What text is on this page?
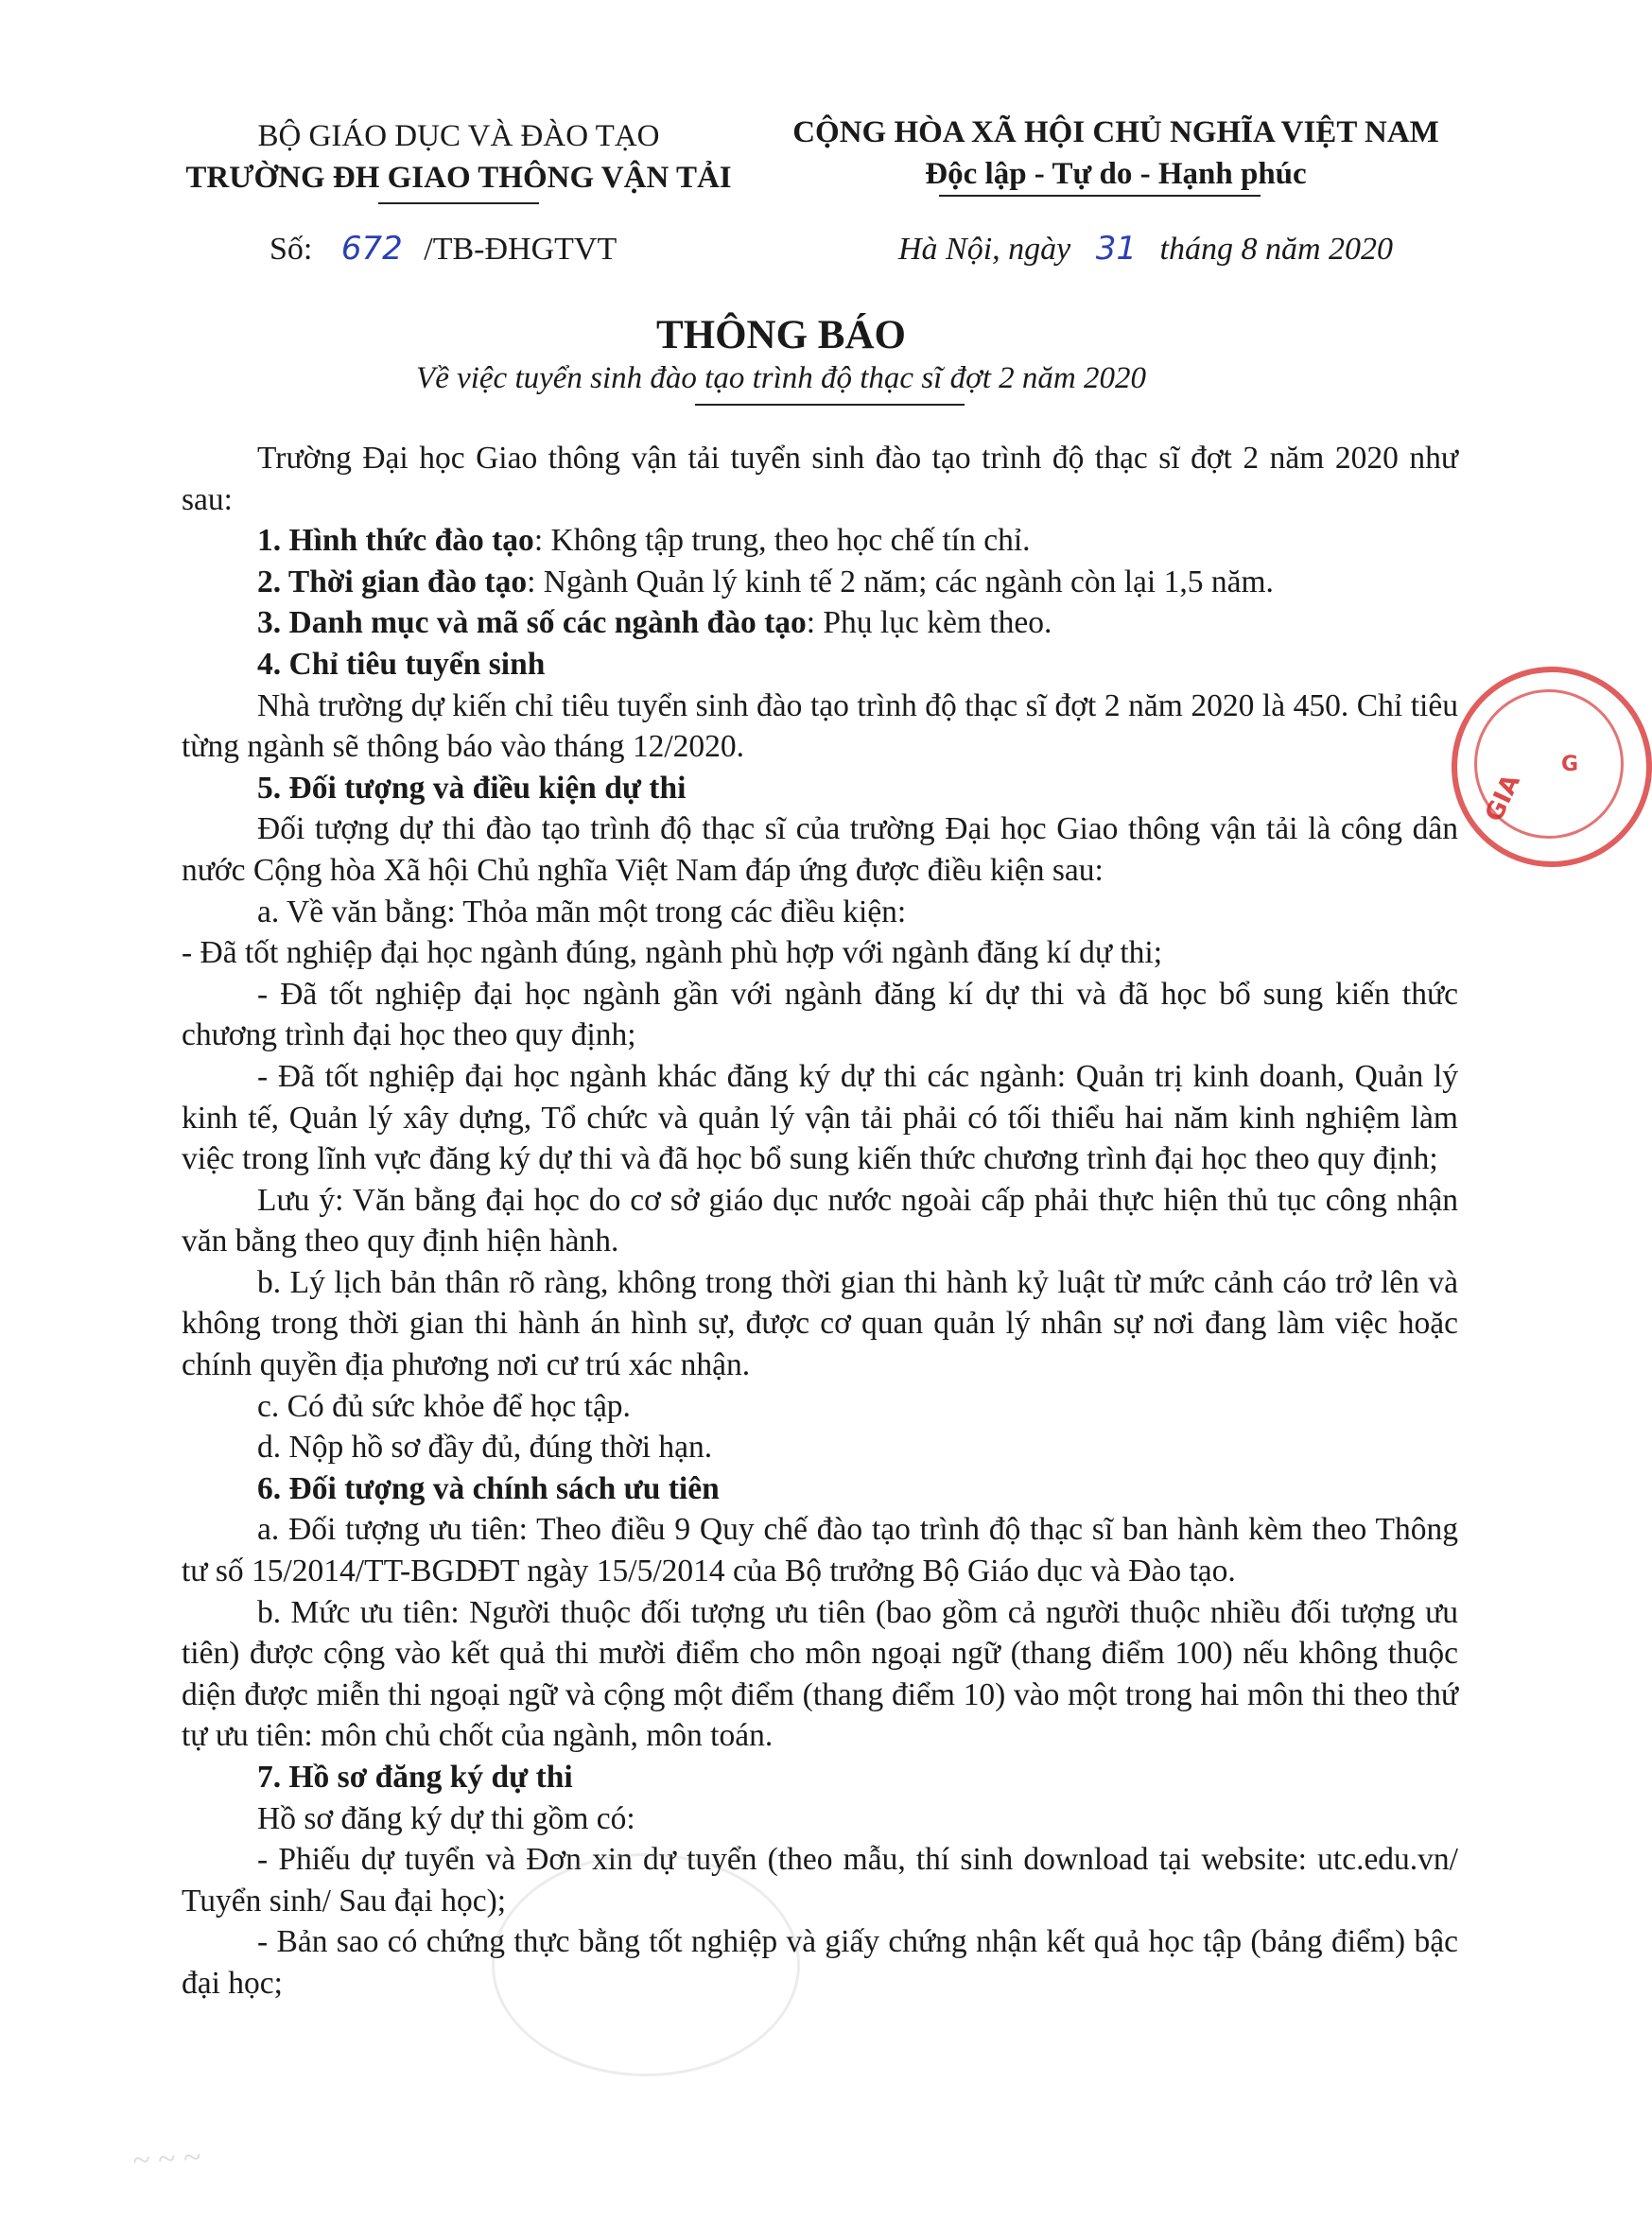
BỘ GIÁO DỤC VÀ ĐÀO TẠO
TRƯỜNG ĐH GIAO THÔNG VẬN TẢI
CỘNG HÒA XÃ HỘI CHỦ NGHĨA VIỆT NAM
Độc lập - Tự do - Hạnh phúc
Số: 672 /TB-ĐHGTVT	Hà Nội, ngày 31 tháng 8 năm 2020
THÔNG BÁO
Về việc tuyển sinh đào tạo trình độ thạc sĩ đợt 2 năm 2020

Trường Đại học Giao thông vận tải tuyển sinh đào tạo trình độ thạc sĩ đợt 2 năm 2020 như sau:

1. Hình thức đào tạo: Không tập trung, theo học chế tín chỉ.

2. Thời gian đào tạo: Ngành Quản lý kinh tế 2 năm; các ngành còn lại 1,5 năm.

3. Danh mục và mã số các ngành đào tạo: Phụ lục kèm theo.

4. Chỉ tiêu tuyển sinh

Nhà trường dự kiến chỉ tiêu tuyển sinh đào tạo trình độ thạc sĩ đợt 2 năm 2020 là 450. Chỉ tiêu từng ngành sẽ thông báo vào tháng 12/2020.

5. Đối tượng và điều kiện dự thi

Đối tượng dự thi đào tạo trình độ thạc sĩ của trường Đại học Giao thông vận tải là công dân nước Cộng hòa Xã hội Chủ nghĩa Việt Nam đáp ứng được điều kiện sau:

a. Về văn bằng: Thỏa mãn một trong các điều kiện:

- Đã tốt nghiệp đại học ngành đúng, ngành phù hợp với ngành đăng kí dự thi;

- Đã tốt nghiệp đại học ngành gần với ngành đăng kí dự thi và đã học bổ sung kiến thức chương trình đại học theo quy định;

- Đã tốt nghiệp đại học ngành khác đăng ký dự thi các ngành: Quản trị kinh doanh, Quản lý kinh tế, Quản lý xây dựng, Tổ chức và quản lý vận tải phải có tối thiểu hai năm kinh nghiệm làm việc trong lĩnh vực đăng ký dự thi và đã học bổ sung kiến thức chương trình đại học theo quy định;

Lưu ý: Văn bằng đại học do cơ sở giáo dục nước ngoài cấp phải thực hiện thủ tục công nhận văn bằng theo quy định hiện hành.

b. Lý lịch bản thân rõ ràng, không trong thời gian thi hành kỷ luật từ mức cảnh cáo trở lên và không trong thời gian thi hành án hình sự, được cơ quan quản lý nhân sự nơi đang làm việc hoặc chính quyền địa phương nơi cư trú xác nhận.

c. Có đủ sức khỏe để học tập.

d. Nộp hồ sơ đầy đủ, đúng thời hạn.

6. Đối tượng và chính sách ưu tiên

a. Đối tượng ưu tiên: Theo điều 9 Quy chế đào tạo trình độ thạc sĩ ban hành kèm theo Thông tư số 15/2014/TT-BGDĐT ngày 15/5/2014 của Bộ trưởng Bộ Giáo dục và Đào tạo.

b. Mức ưu tiên: Người thuộc đối tượng ưu tiên (bao gồm cả người thuộc nhiều đối tượng ưu tiên) được cộng vào kết quả thi mười điểm cho môn ngoại ngữ (thang điểm 100) nếu không thuộc diện được miễn thi ngoại ngữ và cộng một điểm (thang điểm 10) vào một trong hai môn thi theo thứ tự ưu tiên: môn chủ chốt của ngành, môn toán.

7. Hồ sơ đăng ký dự thi

Hồ sơ đăng ký dự thi gồm có:

- Phiếu dự tuyển và Đơn xin dự tuyển (theo mẫu, thí sinh download tại website: utc.edu.vn/ Tuyển sinh/ Sau đại học);

- Bản sao có chứng thực bằng tốt nghiệp và giấy chứng nhận kết quả học tập (bảng điểm) bậc đại học;

GIA
G
~ ~ ~
